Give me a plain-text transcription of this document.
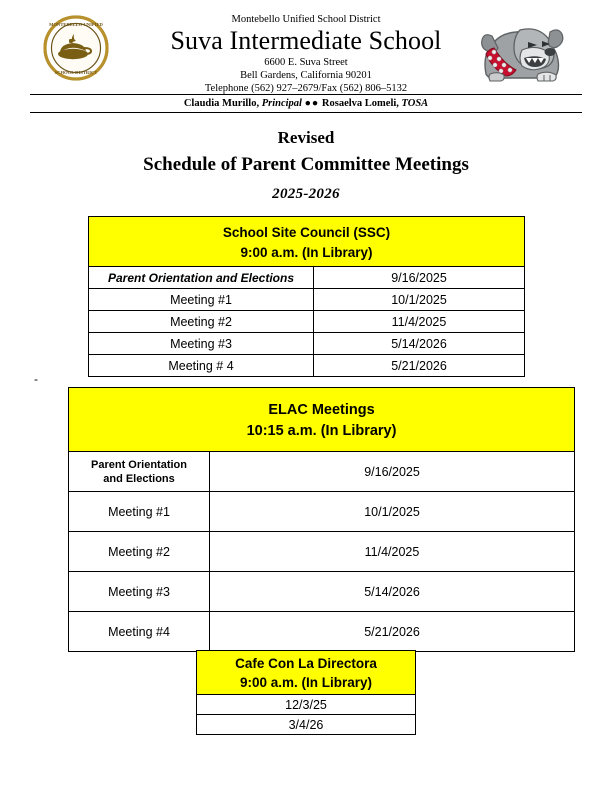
MONTEBELLO UNIFIED
SCHOOL DISTRICT
Montebello Unified School District
Suva Intermediate School
6600 E. Suva Street
Bell Gardens, California 90201
Telephone (562) 927–2679/Fax (562) 806–5132
Claudia Murillo, Principal ●● Rosaelva Lomeli, TOSA
Revised
Schedule of Parent Committee Meetings
2025-2026
-
School Site Council (SSC)
9:00 a.m. (In Library)	

Parent Orientation and Elections	9/16/2025
Meeting #1	10/1/2025
Meeting #2	11/4/2025
Meeting #3	5/14/2026
Meeting # 4	5/21/2026
ELAC Meetings
10:15 a.m. (In Library)	

Parent Orientation
and Elections	9/16/2025
Meeting #1	10/1/2025
Meeting #2	11/4/2025
Meeting #3	5/14/2026
Meeting #4	5/21/2026
Cafe Con La Directora
9:00 a.m. (In Library)

12/3/25
3/4/26
